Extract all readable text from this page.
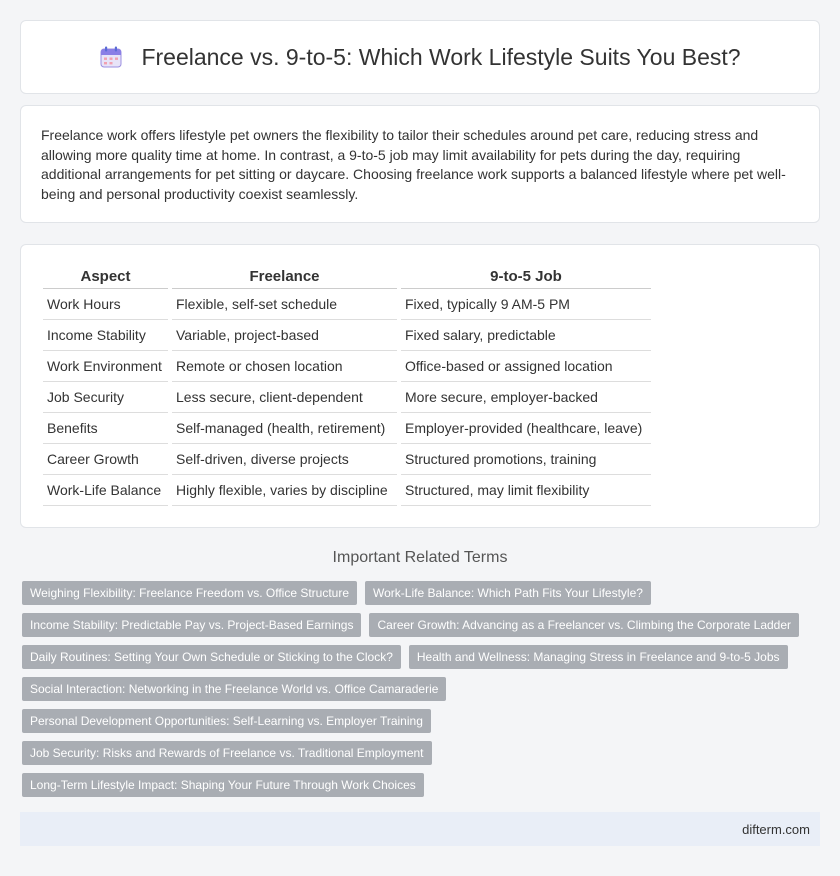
Freelance vs. 9-to-5: Which Work Lifestyle Suits You Best?

Freelance work offers lifestyle pet owners the flexibility to tailor their schedules around pet care, reducing stress and allowing more quality time at home. In contrast, a 9-to-5 job may limit availability for pets during the day, requiring additional arrangements for pet sitting or daycare. Choosing freelance work supports a balanced lifestyle where pet well-being and personal productivity coexist seamlessly.

Aspect	Freelance	9-to-5 Job
Work Hours	Flexible, self-set schedule	Fixed, typically 9 AM-5 PM
Income Stability	Variable, project-based	Fixed salary, predictable
Work Environment	Remote or chosen location	Office-based or assigned location
Job Security	Less secure, client-dependent	More secure, employer-backed
Benefits	Self-managed (health, retirement)	Employer-provided (healthcare, leave)
Career Growth	Self-driven, diverse projects	Structured promotions, training
Work-Life Balance	Highly flexible, varies by discipline	Structured, may limit flexibility
Important Related Terms
Weighing Flexibility: Freelance Freedom vs. Office Structure	Work-Life Balance: Which Path Fits Your Lifestyle?
Income Stability: Predictable Pay vs. Project-Based Earnings	Career Growth: Advancing as a Freelancer vs. Climbing the Corporate Ladder
Daily Routines: Setting Your Own Schedule or Sticking to the Clock?	Health and Wellness: Managing Stress in Freelance and 9-to-5 Jobs
Social Interaction: Networking in the Freelance World vs. Office Camaraderie
Personal Development Opportunities: Self-Learning vs. Employer Training
Job Security: Risks and Rewards of Freelance vs. Traditional Employment
Long-Term Lifestyle Impact: Shaping Your Future Through Work Choices
difterm.com
